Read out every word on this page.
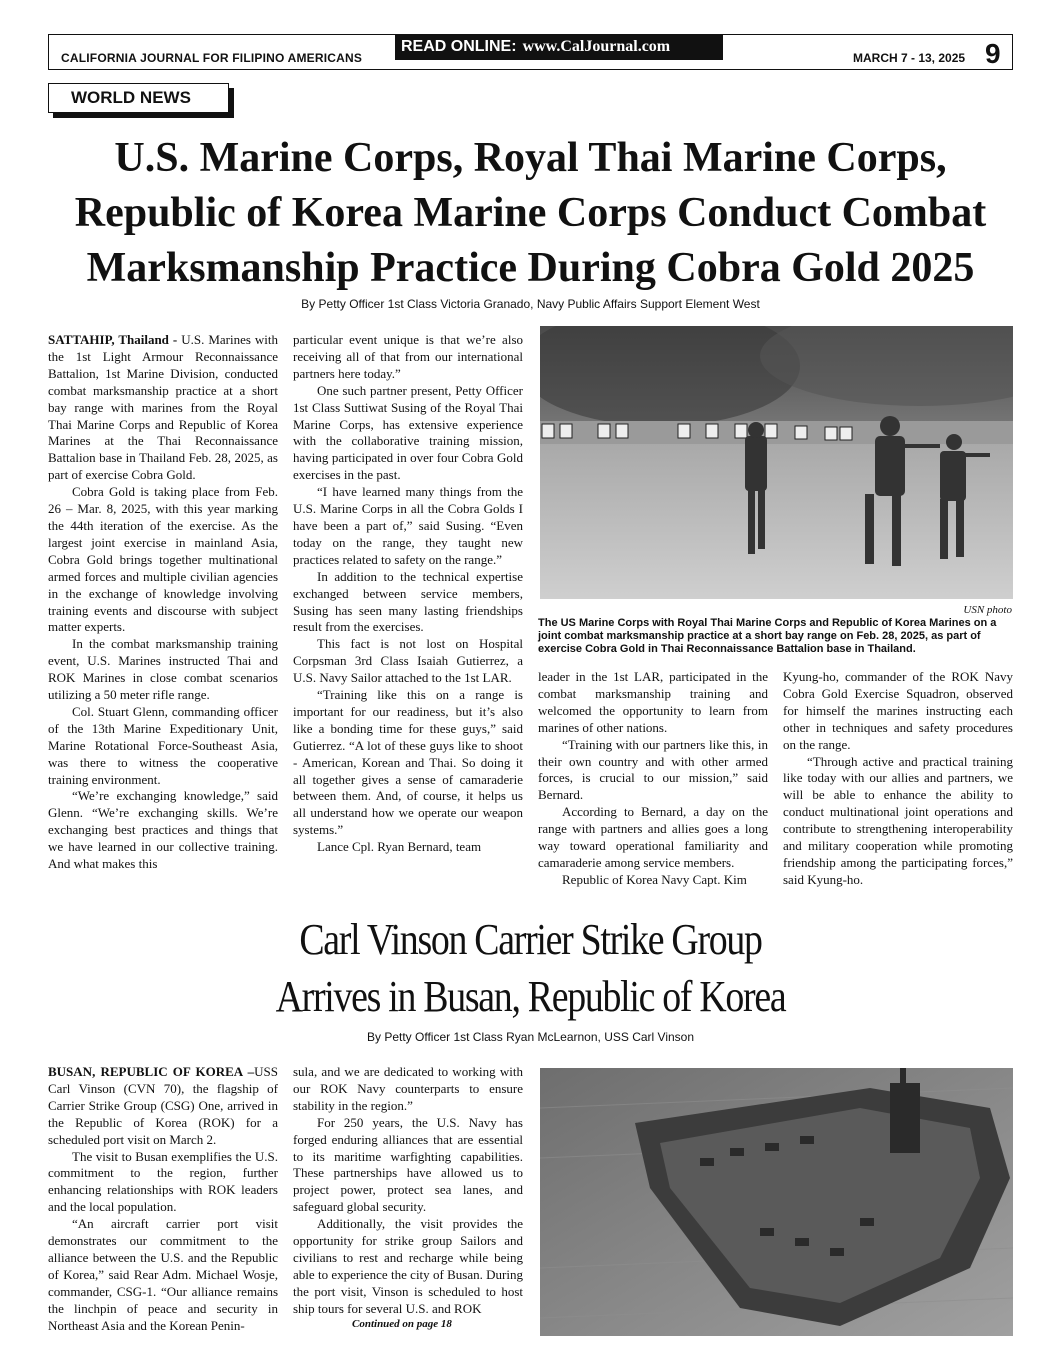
CALIFORNIA JOURNAL FOR FILIPINO AMERICANS
READ ONLINE: www.CalJournal.com
MARCH 7 - 13, 2025 9
WORLD NEWS
U.S. Marine Corps, Royal Thai Marine Corps,
Republic of Korea Marine Corps Conduct Combat
Marksmanship Practice During Cobra Gold 2025
By Petty Officer 1st Class Victoria Granado, Navy Public Affairs Support Element West

SATTAHIP, Thailand - U.S. Marines with the 1st Light Armour Reconnaissance Battalion, 1st Marine Division, conducted combat marksmanship practice at a short bay range with marines from the Royal Thai Marine Corps and Republic of Korea Marines at the Thai Reconnaissance Battalion base in Thailand Feb. 28, 2025, as part of exercise Cobra Gold.

Cobra Gold is taking place from Feb. 26 – Mar. 8, 2025, with this year marking the 44th iteration of the exercise. As the largest joint exercise in mainland Asia, Cobra Gold brings together multinational armed forces and multiple civilian agencies in the exchange of knowledge involving training events and discourse with subject matter experts.

In the combat marksmanship training event, U.S. Marines instructed Thai and ROK Marines in close combat scenarios utilizing a 50 meter rifle range.

Col. Stuart Glenn, commanding officer of the 13th Marine Expeditionary Unit, Marine Rotational Force-Southeast Asia, was there to witness the cooperative training environment.

“We’re exchanging knowledge,” said Glenn. “We’re exchanging skills. We’re exchanging best practices and things that we have learned in our collective training. And what makes this

particular event unique is that we’re also receiving all of that from our international partners here today.”

One such partner present, Petty Officer 1st Class Suttiwat Susing of the Royal Thai Marine Corps, has extensive experience with the collaborative training mission, having participated in over four Cobra Gold exercises in the past.

“I have learned many things from the U.S. Marine Corps in all the Cobra Golds I have been a part of,” said Susing. “Even today on the range, they taught new practices related to safety on the range.”

In addition to the technical expertise exchanged between service members, Susing has seen many lasting friendships result from the exercises.

This fact is not lost on Hospital Corpsman 3rd Class Isaiah Gutierrez, a U.S. Navy Sailor attached to the 1st LAR.

“Training like this on a range is important for our readiness, but it’s also like a bonding time for these guys,” said Gutierrez. “A lot of these guys like to shoot - American, Korean and Thai. So doing it all together gives a sense of camaraderie between them. And, of course, it helps us all understand how we operate our weapon systems.”

Lance Cpl. Ryan Bernard, team

USN photo
The US Marine Corps with Royal Thai Marine Corps and Republic of Korea Marines on a joint combat marksmanship practice at a short bay range on Feb. 28, 2025, as part of exercise Cobra Gold in Thai Reconnaissance Battalion base in Thailand.

leader in the 1st LAR, participated in the combat marksmanship training and welcomed the opportunity to learn from marines of other nations.

“Training with our partners like this, in their own country and with other armed forces, is crucial to our mission,” said Bernard.

According to Bernard, a day on the range with partners and allies goes a long way toward operational familiarity and camaraderie among service members.

Republic of Korea Navy Capt. Kim

Kyung-ho, commander of the ROK Navy Cobra Gold Exercise Squadron, observed for himself the marines instructing each other in techniques and safety procedures on the range.

“Through active and practical training like today with our allies and partners, we will be able to enhance the ability to conduct multinational joint operations and contribute to strengthening interoperability and military cooperation while promoting friendship among the participating forces,” said Kyung-ho.

Carl Vinson Carrier Strike Group
Arrives in Busan, Republic of Korea
By Petty Officer 1st Class Ryan McLearnon, USS Carl Vinson

BUSAN, REPUBLIC OF KOREA –USS Carl Vinson (CVN 70), the flagship of Carrier Strike Group (CSG) One, arrived in the Republic of Korea (ROK) for a scheduled port visit on March 2.

The visit to Busan exemplifies the U.S. commitment to the region, further enhancing relationships with ROK leaders and the local population.

“An aircraft carrier port visit demonstrates our commitment to the alliance between the U.S. and the Republic of Korea,” said Rear Adm. Michael Wosje, commander, CSG-1. “Our alliance remains the linchpin of peace and security in Northeast Asia and the Korean Penin-

sula, and we are dedicated to working with our ROK Navy counterparts to ensure stability in the region.”

For 250 years, the U.S. Navy has forged enduring alliances that are essential to its maritime warfighting capabilities. These partnerships have allowed us to project power, protect sea lanes, and safeguard global security.

Additionally, the visit provides the opportunity for strike group Sailors and civilians to rest and recharge while being able to experience the city of Busan. During the port visit, Vinson is scheduled to host ship tours for several U.S. and ROK

Continued on page 18
